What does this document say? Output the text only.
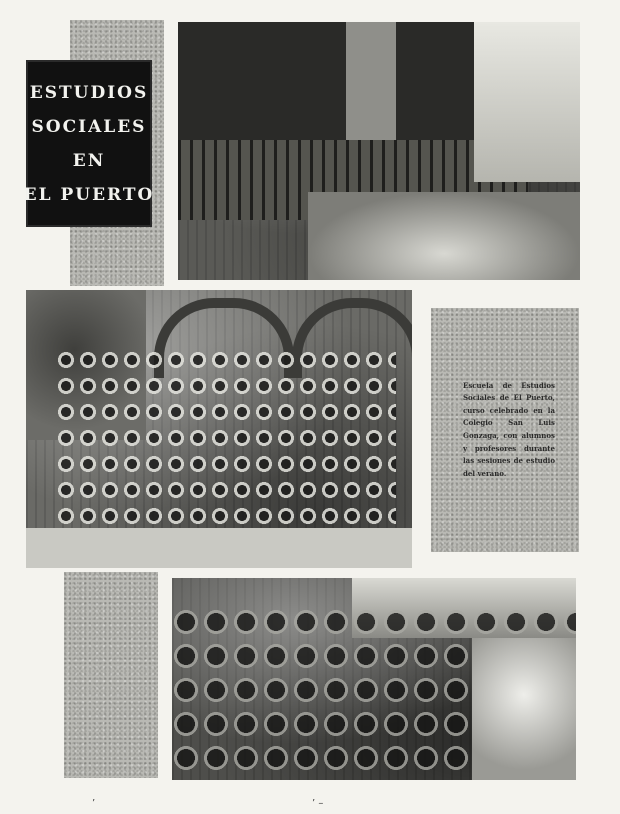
ESTUDIOS
SOCIALES
EN
EL PUERTO
Escuela de Estudios Sociales de El Puerto, curso celebrado en la Colegio San Luis Gonzaga, con alumnos y profesores durante las sesiones de estudio del verano.
’	’ –
